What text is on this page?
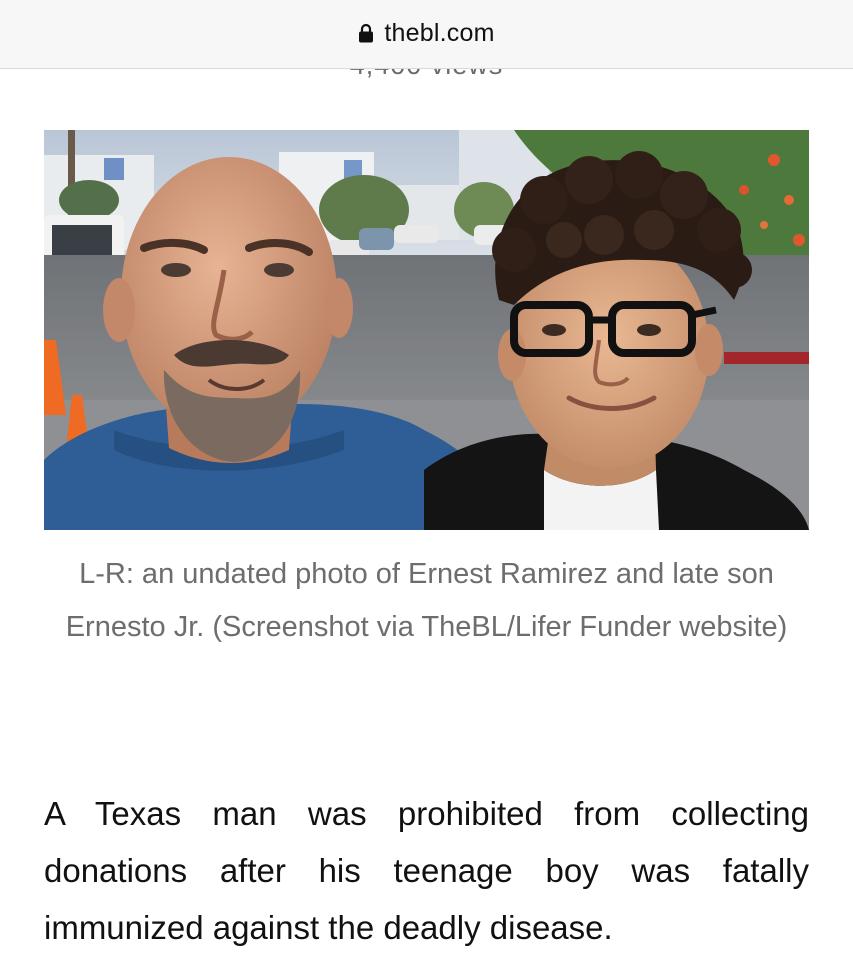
thebl.com
L-R: an undated photo of Ernest Ramirez and late son Ernesto Jr. (Screenshot via TheBL/Lifer Funder website)

A Texas man was prohibited from collecting donations after his teenage boy was fatally immunized against the deadly disease.
